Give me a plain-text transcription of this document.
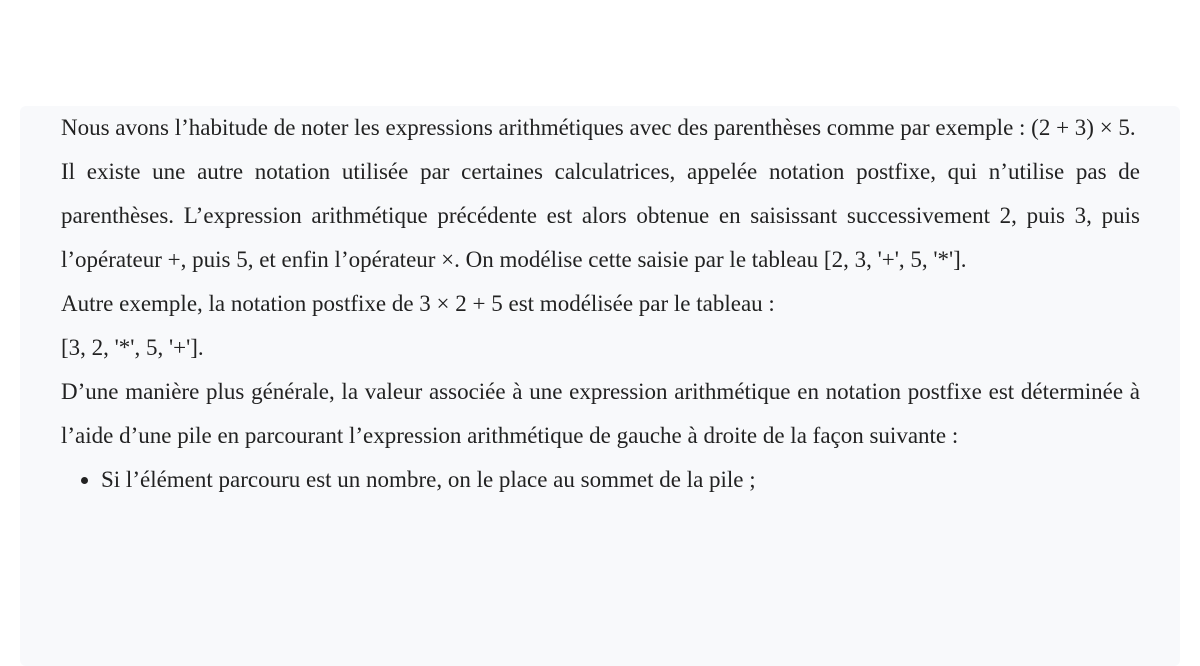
Nous avons l’habitude de noter les expressions arithmétiques avec des parenthèses comme par exemple : (2 + 3) × 5.

Il existe une autre notation utilisée par certaines calculatrices, appelée notation postfixe, qui n’utilise pas de parenthèses. L’expression arithmétique précédente est alors obtenue en saisissant successivement 2, puis 3, puis l’opérateur +, puis 5, et enfin l’opérateur ×. On modélise cette saisie par le tableau [2, 3, '+', 5, '*'].

Autre exemple, la notation postfixe de 3 × 2 + 5 est modélisée par le tableau :

[3, 2, '*', 5, '+'].

D’une manière plus générale, la valeur associée à une expression arithmétique en notation postfixe est déterminée à l’aide d’une pile en parcourant l’expression arithmétique de gauche à droite de la façon suivante :

• Si l’élément parcouru est un nombre, on le place au sommet de la pile ;
